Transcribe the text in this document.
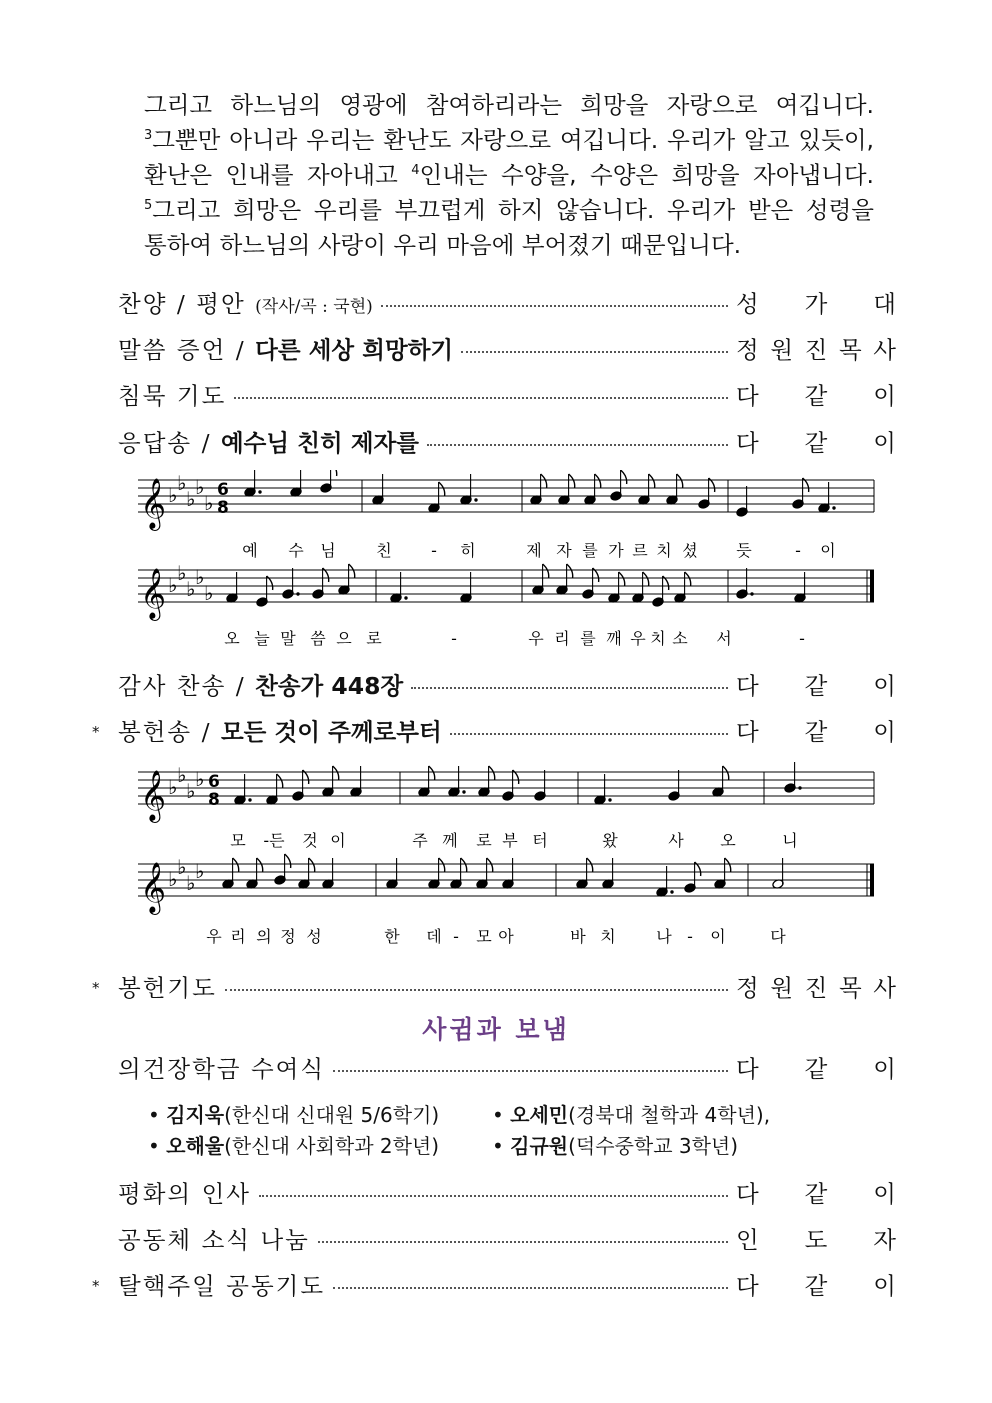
그리고 하느님의 영광에 참여하리라는 희망을 자랑으로 여깁니다.
$^3$그뿐만 아니라 우리는 환난도 자랑으로 여깁니다. 우리가 알고 있듯이,
환난은 인내를 자아내고 $^4$인내는 수양을, 수양은 희망을 자아냅니다.
$^5$그리고 희망은 우리를 부끄럽게 하지 않습니다. 우리가 받은 성령을
통하여 하느님의 사랑이 우리 마음에 부어졌기 때문입니다.
찬양 / 평안 (작사/곡 : 국현)	성 가 대
말씀 증언 / 다른 세상 희망하기	정 원 진 목 사
침묵 기도	다 같 이
응답송 / 예수님 친히 제자를	다 같 이
𝄞 ♭ ♭
♭ ♭
♭
6
8
예 수 님	친 - 히	제 자 를 가 르 치 셨 듯	- 이
𝄞 ♭ ♭
♭ ♭
♭
오 늘 말 씀 으 로	-	우 리 를 깨 우 치 소 서	-
감사 찬송 / 찬송가 448장	다 같 이
* 봉헌송 / 모든 것이 주께로부터	다 같 이
𝄞 ♭ ♭
♭ ♭ 6
8
모 -든 것 이	주 께 로 부 터	왔	사 오	니
𝄞 ♭ ♭
♭ ♭
우 리 의 정 성	한 데 - 모 아	바 치	나 - 이	다
* 봉헌기도	정 원 진 목 사
사귐과 보냄
의건장학금 수여식	다 같 이
• 김지욱(한신대 신대원 5/6학기)	• 오세민(경북대 철학과 4학년),
• 오해울(한신대 사회학과 2학년)	• 김규원(덕수중학교 3학년)
평화의 인사	다 같 이
공동체 소식 나눔	인 도 자
* 탈핵주일 공동기도	다 같 이
